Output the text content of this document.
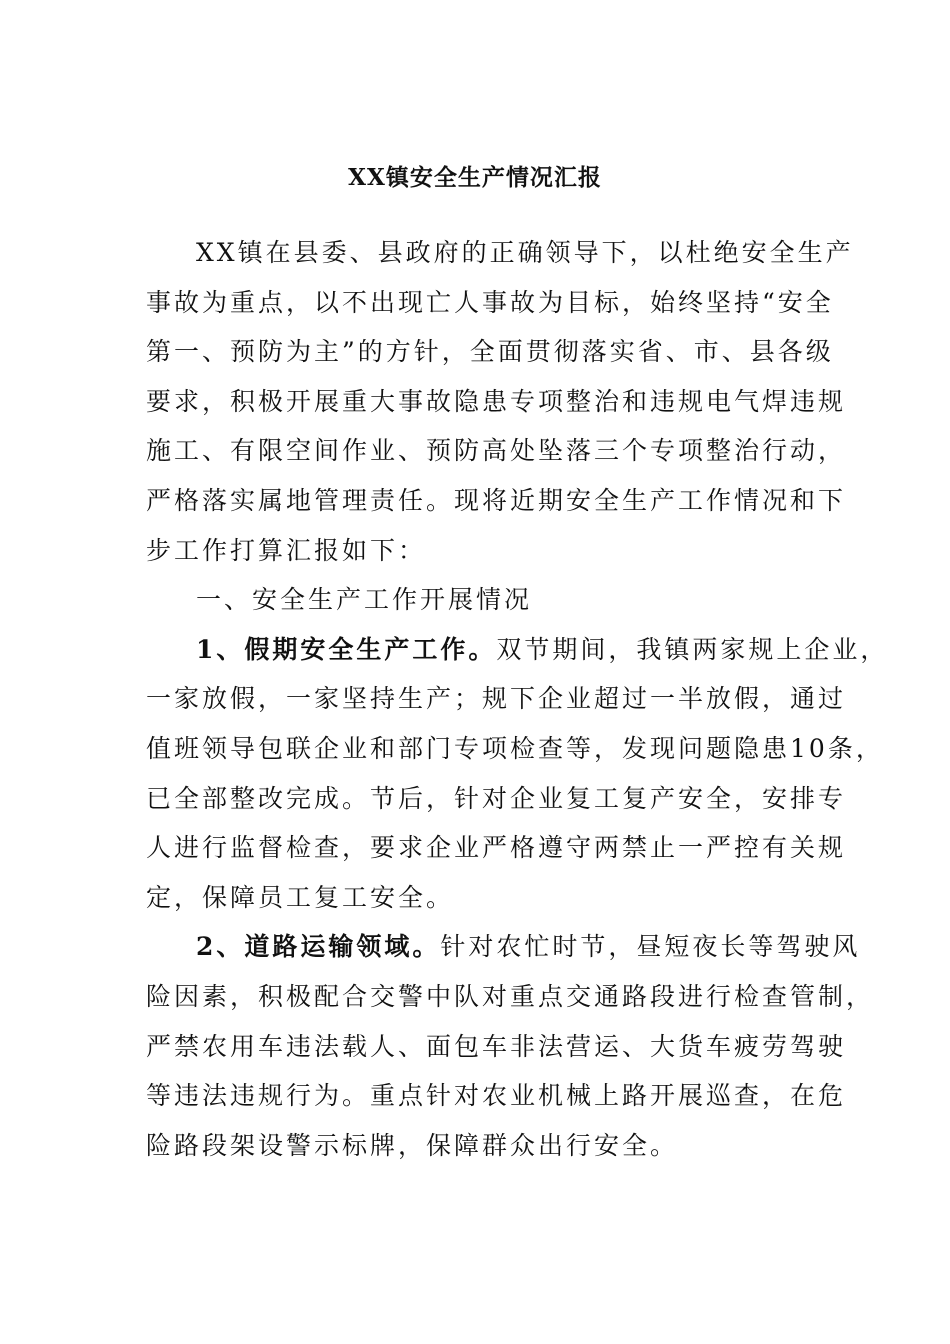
XX镇安全生产情况汇报
XX镇在县委、县政府的正确领导下，以杜绝安全生产
事故为重点，以不出现亡人事故为目标，始终坚持“安全
第一、预防为主”的方针，全面贯彻落实省、市、县各级
要求，积极开展重大事故隐患专项整治和违规电气焊违规
施工、有限空间作业、预防高处坠落三个专项整治行动，
严格落实属地管理责任。现将近期安全生产工作情况和下
步工作打算汇报如下：
一、安全生产工作开展情况
1、假期安全生产工作。双节期间，我镇两家规上企业，
一家放假，一家坚持生产；规下企业超过一半放假，通过
值班领导包联企业和部门专项检查等，发现问题隐患10条，
已全部整改完成。节后，针对企业复工复产安全，安排专
人进行监督检查，要求企业严格遵守两禁止一严控有关规
定，保障员工复工安全。
2、道路运输领域。针对农忙时节，昼短夜长等驾驶风
险因素，积极配合交警中队对重点交通路段进行检查管制，
严禁农用车违法载人、面包车非法营运、大货车疲劳驾驶
等违法违规行为。重点针对农业机械上路开展巡查，在危
险路段架设警示标牌，保障群众出行安全。
